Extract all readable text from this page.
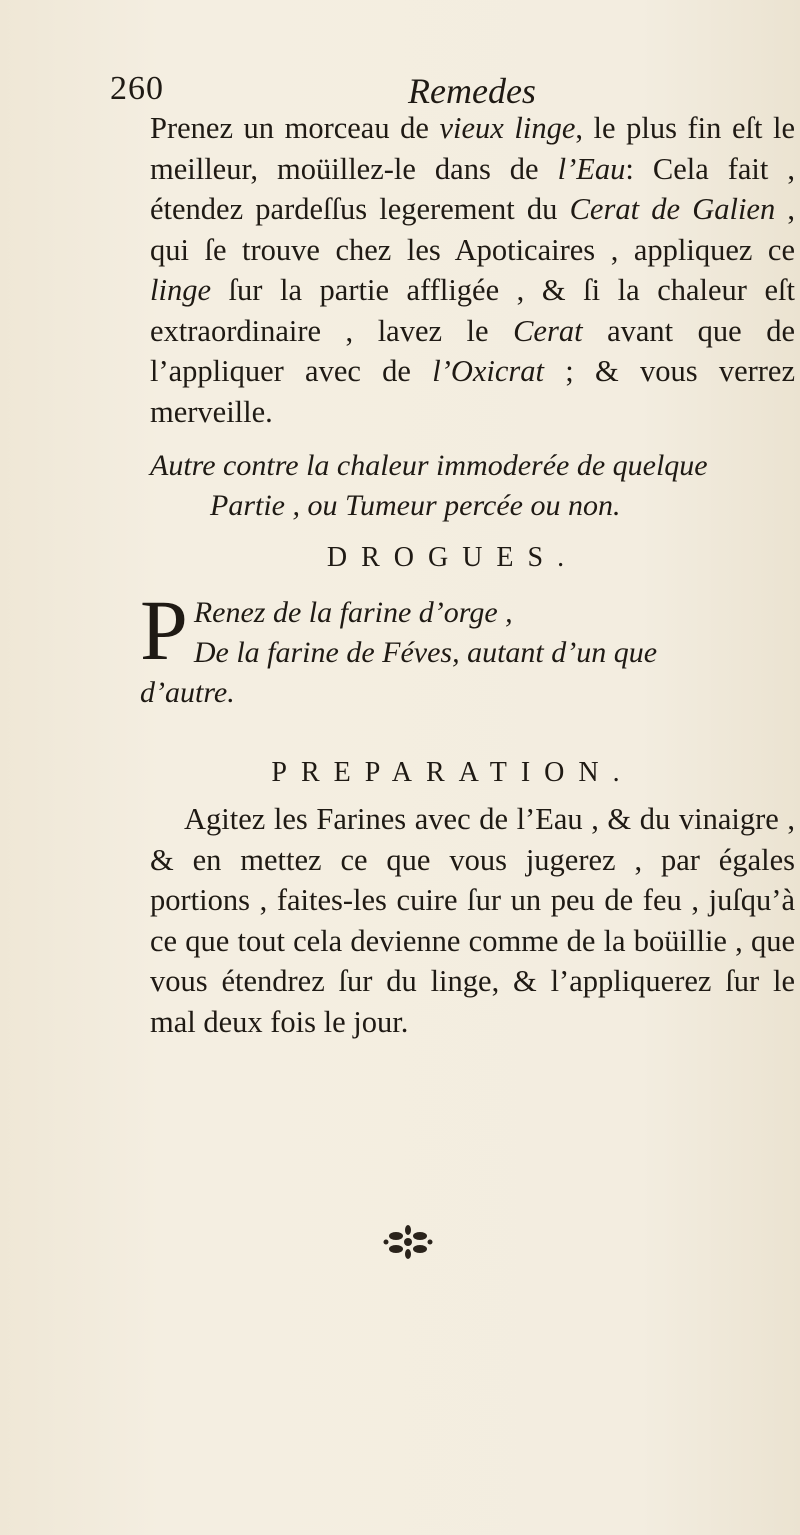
260	Remedes

Prenez un morceau de vieux linge, le plus fin eſt le meilleur, moüillez-le dans de l’Eau: Cela fait , étendez pardeſſus legerement du Cerat de Galien , qui ſe trouve chez les Apoticaires , appliquez ce linge ſur la partie affligée , & ſi la chaleur eſt extraordinaire , lavez le Cerat avant que de l’appliquer avec de l’Oxicrat ; & vous verrez merveille.

Autre contre la chaleur immoderée de quelque
Partie , ou Tumeur percée ou non.

DROGUES.

P Renez de la farine d’orge ,
De la farine de Féves, autant d’un que
d’autre.

PREPARATION.

Agitez les Farines avec de l’Eau , & du vinaigre , & en mettez ce que vous jugerez , par égales portions , faites-les cuire ſur un peu de feu , juſqu’à ce que tout cela devienne comme de la boüillie , que vous étendrez ſur du linge, & l’appliquerez ſur le mal deux fois le jour.
